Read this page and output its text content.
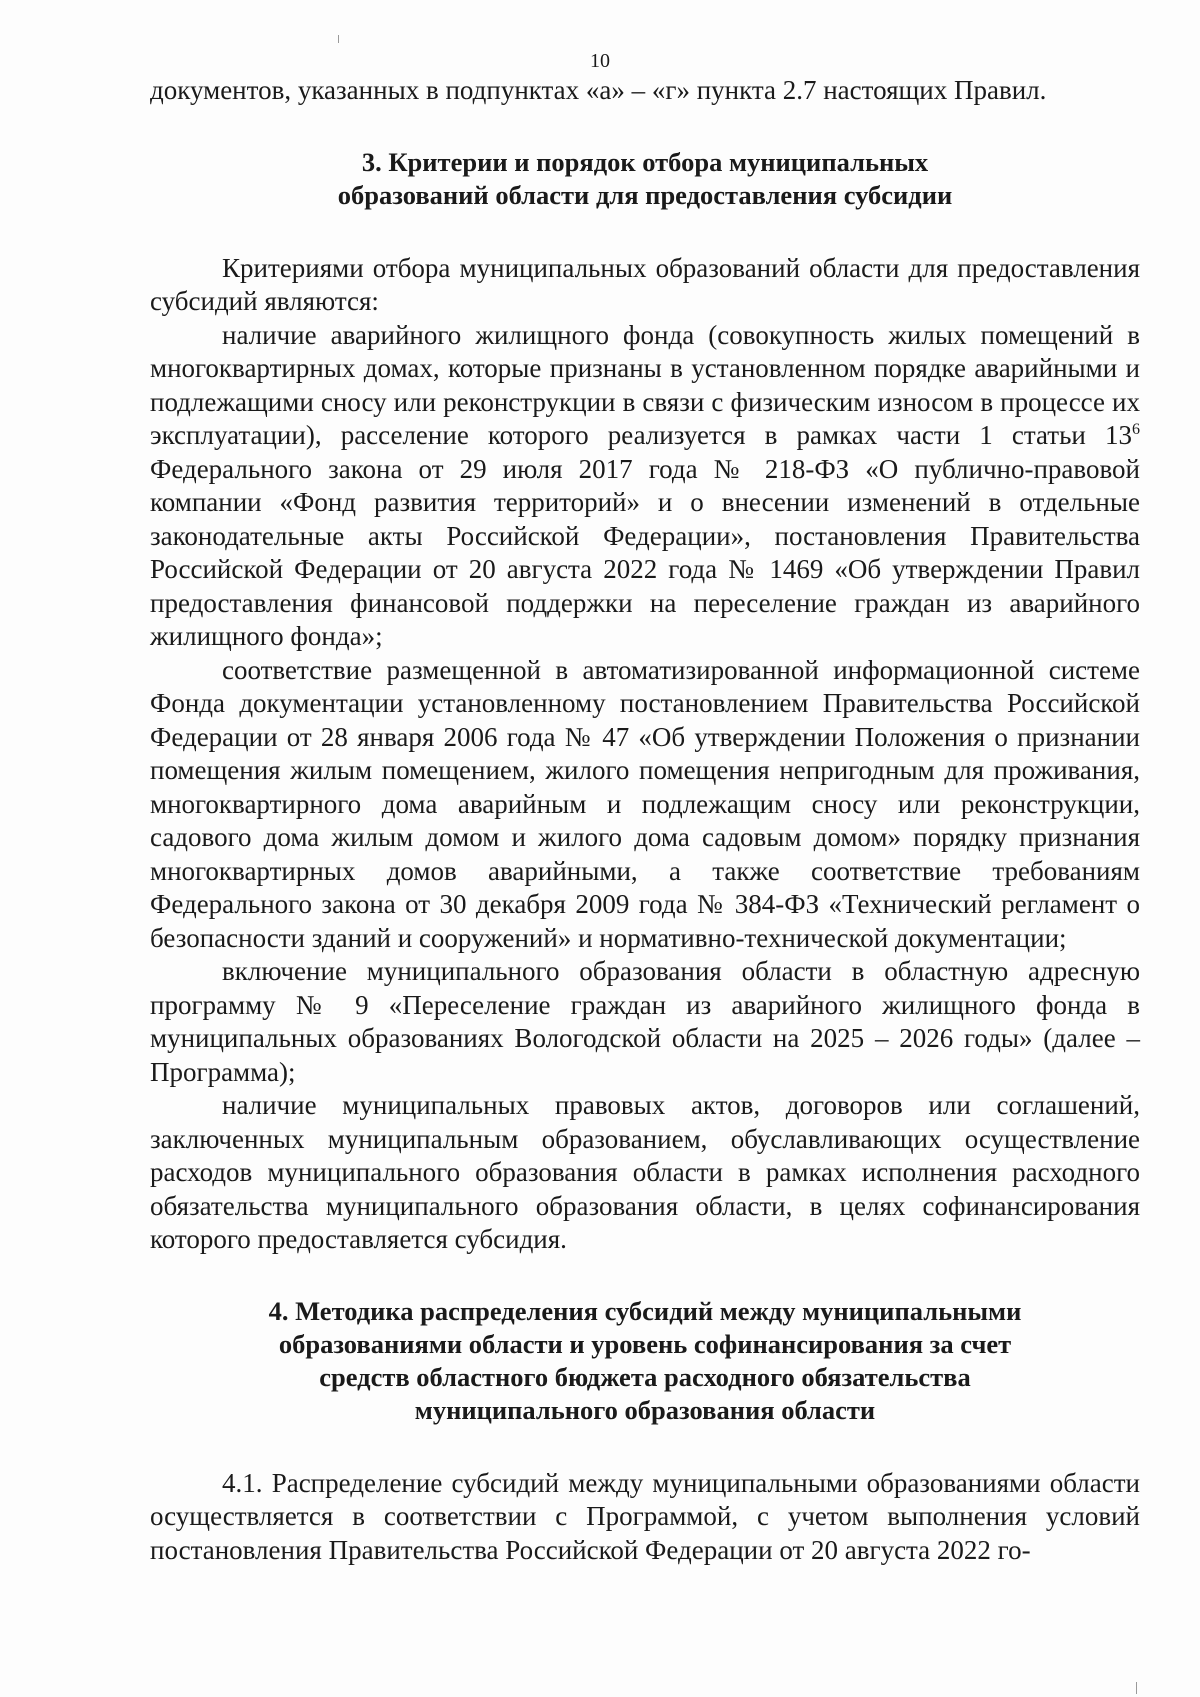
10

документов, указанных в подпунктах «а» – «г» пункта 2.7 настоящих Правил.

3. Критерии и порядок отбора муниципальных
образований области для предоставления субсидии

Критериями отбора муниципальных образований области для предоставления субсидий являются:

наличие аварийного жилищного фонда (совокупность жилых помещений в многоквартирных домах, которые признаны в установленном порядке аварийными и подлежащими сносу или реконструкции в связи с физическим износом в процессе их эксплуатации), расселение которого реализуется в рамках части 1 статьи $13^6$ Федерального закона от 29 июля 2017 года № 218-ФЗ «О публично-правовой компании «Фонд развития территорий» и о внесении изменений в отдельные законодательные акты Российской Федерации», постановления Правительства Российской Федерации от 20 августа 2022 года № 1469 «Об утверждении Правил предоставления финансовой поддержки на переселение граждан из аварийного жилищного фонда»;

соответствие размещенной в автоматизированной информационной системе Фонда документации установленному постановлением Правительства Российской Федерации от 28 января 2006 года № 47 «Об утверждении Положения о признании помещения жилым помещением, жилого помещения непригодным для проживания, многоквартирного дома аварийным и подлежащим сносу или реконструкции, садового дома жилым домом и жилого дома садовым домом» порядку признания многоквартирных домов аварийными, а также соответствие требованиям Федерального закона от 30 декабря 2009 года № 384-ФЗ «Технический регламент о безопасности зданий и сооружений» и нормативно-технической документации;

включение муниципального образования области в областную адресную программу № 9 «Переселение граждан из аварийного жилищного фонда в муниципальных образованиях Вологодской области на 2025 – 2026 годы» (далее – Программа);

наличие муниципальных правовых актов, договоров или соглашений, заключенных муниципальным образованием, обуславливающих осуществление расходов муниципального образования области в рамках исполнения расходного обязательства муниципального образования области, в целях софинансирования которого предоставляется субсидия.

4. Методика распределения субсидий между муниципальными
образованиями области и уровень софинансирования за счет
средств областного бюджета расходного обязательства
муниципального образования области

4.1. Распределение субсидий между муниципальными образованиями области осуществляется в соответствии с Программой, с учетом выполнения условий постановления Правительства Российской Федерации от 20 августа 2022 го-
